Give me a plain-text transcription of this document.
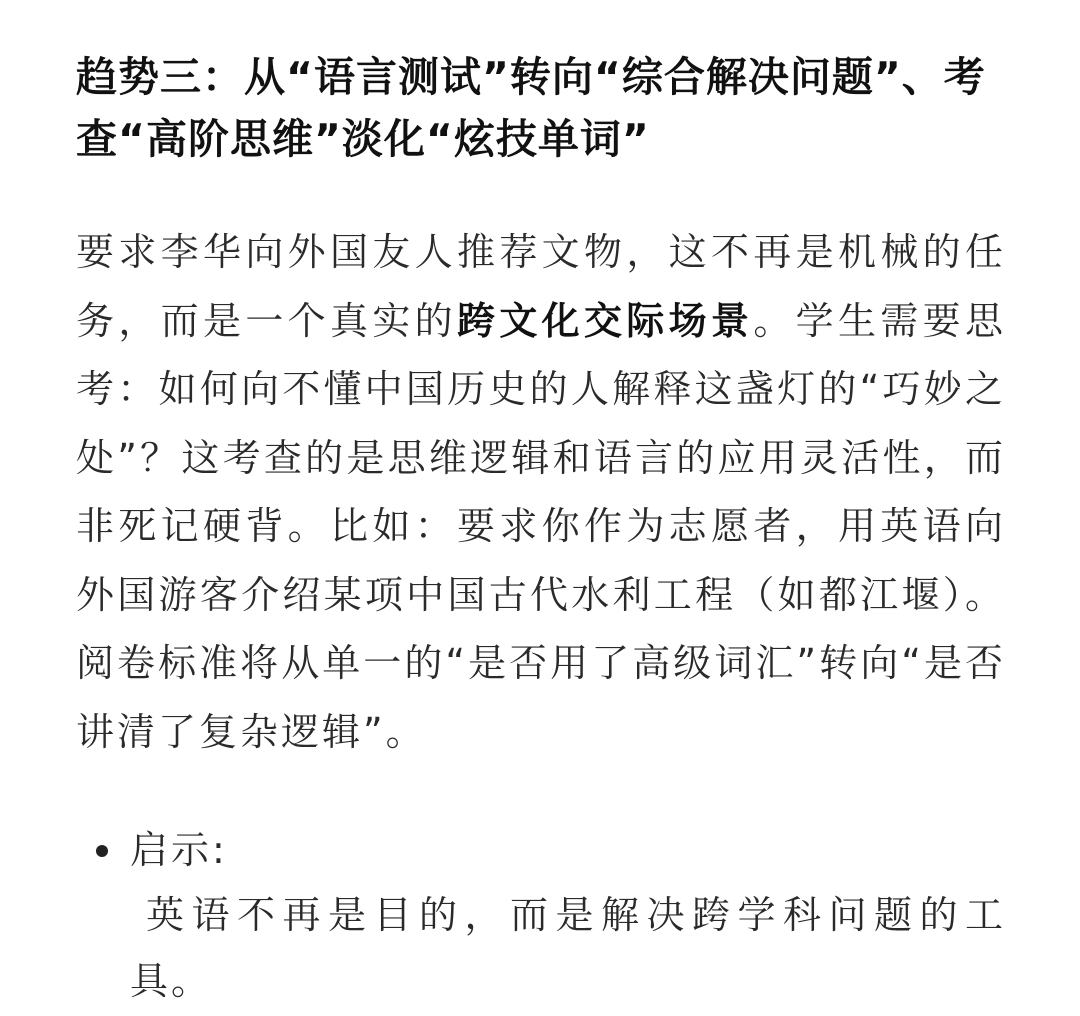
趋势三：从“语言测试”转向“综合解决问题”、考查“高阶思维”淡化“炫技单词”

要求李华向外国友人推荐文物，这不再是机械的任务，而是一个真实的跨文化交际场景。学生需要思考：如何向不懂中国历史的人解释这盏灯的“巧妙之处”？这考查的是思维逻辑和语言的应用灵活性，而非死记硬背。比如：要求你作为志愿者，用英语向外国游客介绍某项中国古代水利工程（如都江堰）。 阅卷标准将从单一的“是否用了高级词汇”转向“是否讲清了复杂逻辑”。

启示:
英语不再是目的，而是解决跨学科问题的工具。
